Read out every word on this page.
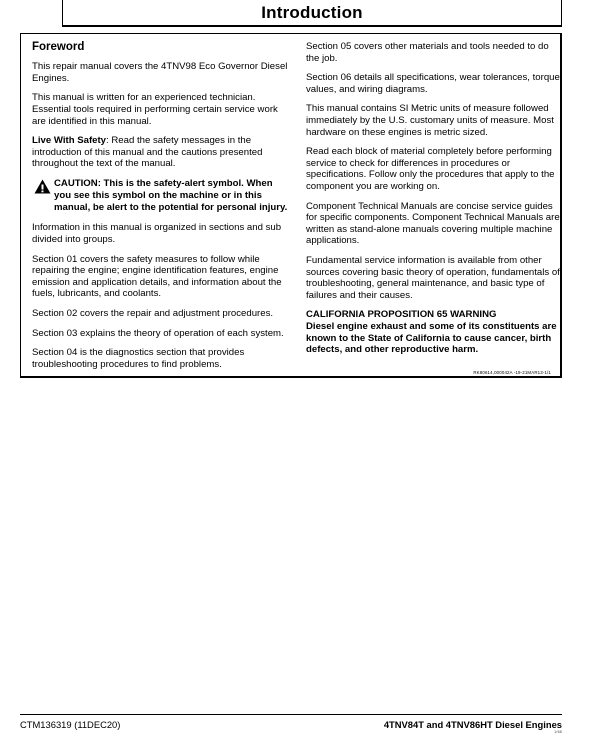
Introduction
Foreword

This repair manual covers the 4TNV98 Eco Governor Diesel Engines.

This manual is written for an experienced technician. Essential tools required in performing certain service work are identified in this manual.

Live With Safety: Read the safety messages in the introduction of this manual and the cautions presented throughout the text of the manual.

CAUTION: This is the safety-alert symbol. When you see this symbol on the machine or in this manual, be alert to the potential for personal injury.

Information in this manual is organized in sections and sub divided into groups.

Section 01 covers the safety measures to follow while repairing the engine; engine identification features, engine emission and application details, and information about the fuels, lubricants, and coolants.

Section 02 covers the repair and adjustment procedures.

Section 03 explains the theory of operation of each system.

Section 04 is the diagnostics section that provides troubleshooting procedures to find problems.

Section 05 covers other materials and tools needed to do the job.

Section 06 details all specifications, wear tolerances, torque values, and wiring diagrams.

This manual contains SI Metric units of measure followed immediately by the U.S. customary units of measure. Most hardware on these engines is metric sized.

Read each block of material completely before performing service to check for differences in procedures or specifications. Follow only the procedures that apply to the component you are working on.

Component Technical Manuals are concise service guides for specific components. Component Technical Manuals are written as stand-alone manuals covering multiple machine applications.

Fundamental service information is available from other sources covering basic theory of operation, fundamentals of troubleshooting, general maintenance, and basic type of failures and their causes.

CALIFORNIA PROPOSITION 65 WARNING

Diesel engine exhaust and some of its constituents are known to the State of California to cause cancer, birth defects, and other reproductive harm.

RK80614,000042A -19-21MAR13-1/1
CTM136319 (11DEC20)	4TNV84T and 4TNV86HT Diesel Engines
1/68
